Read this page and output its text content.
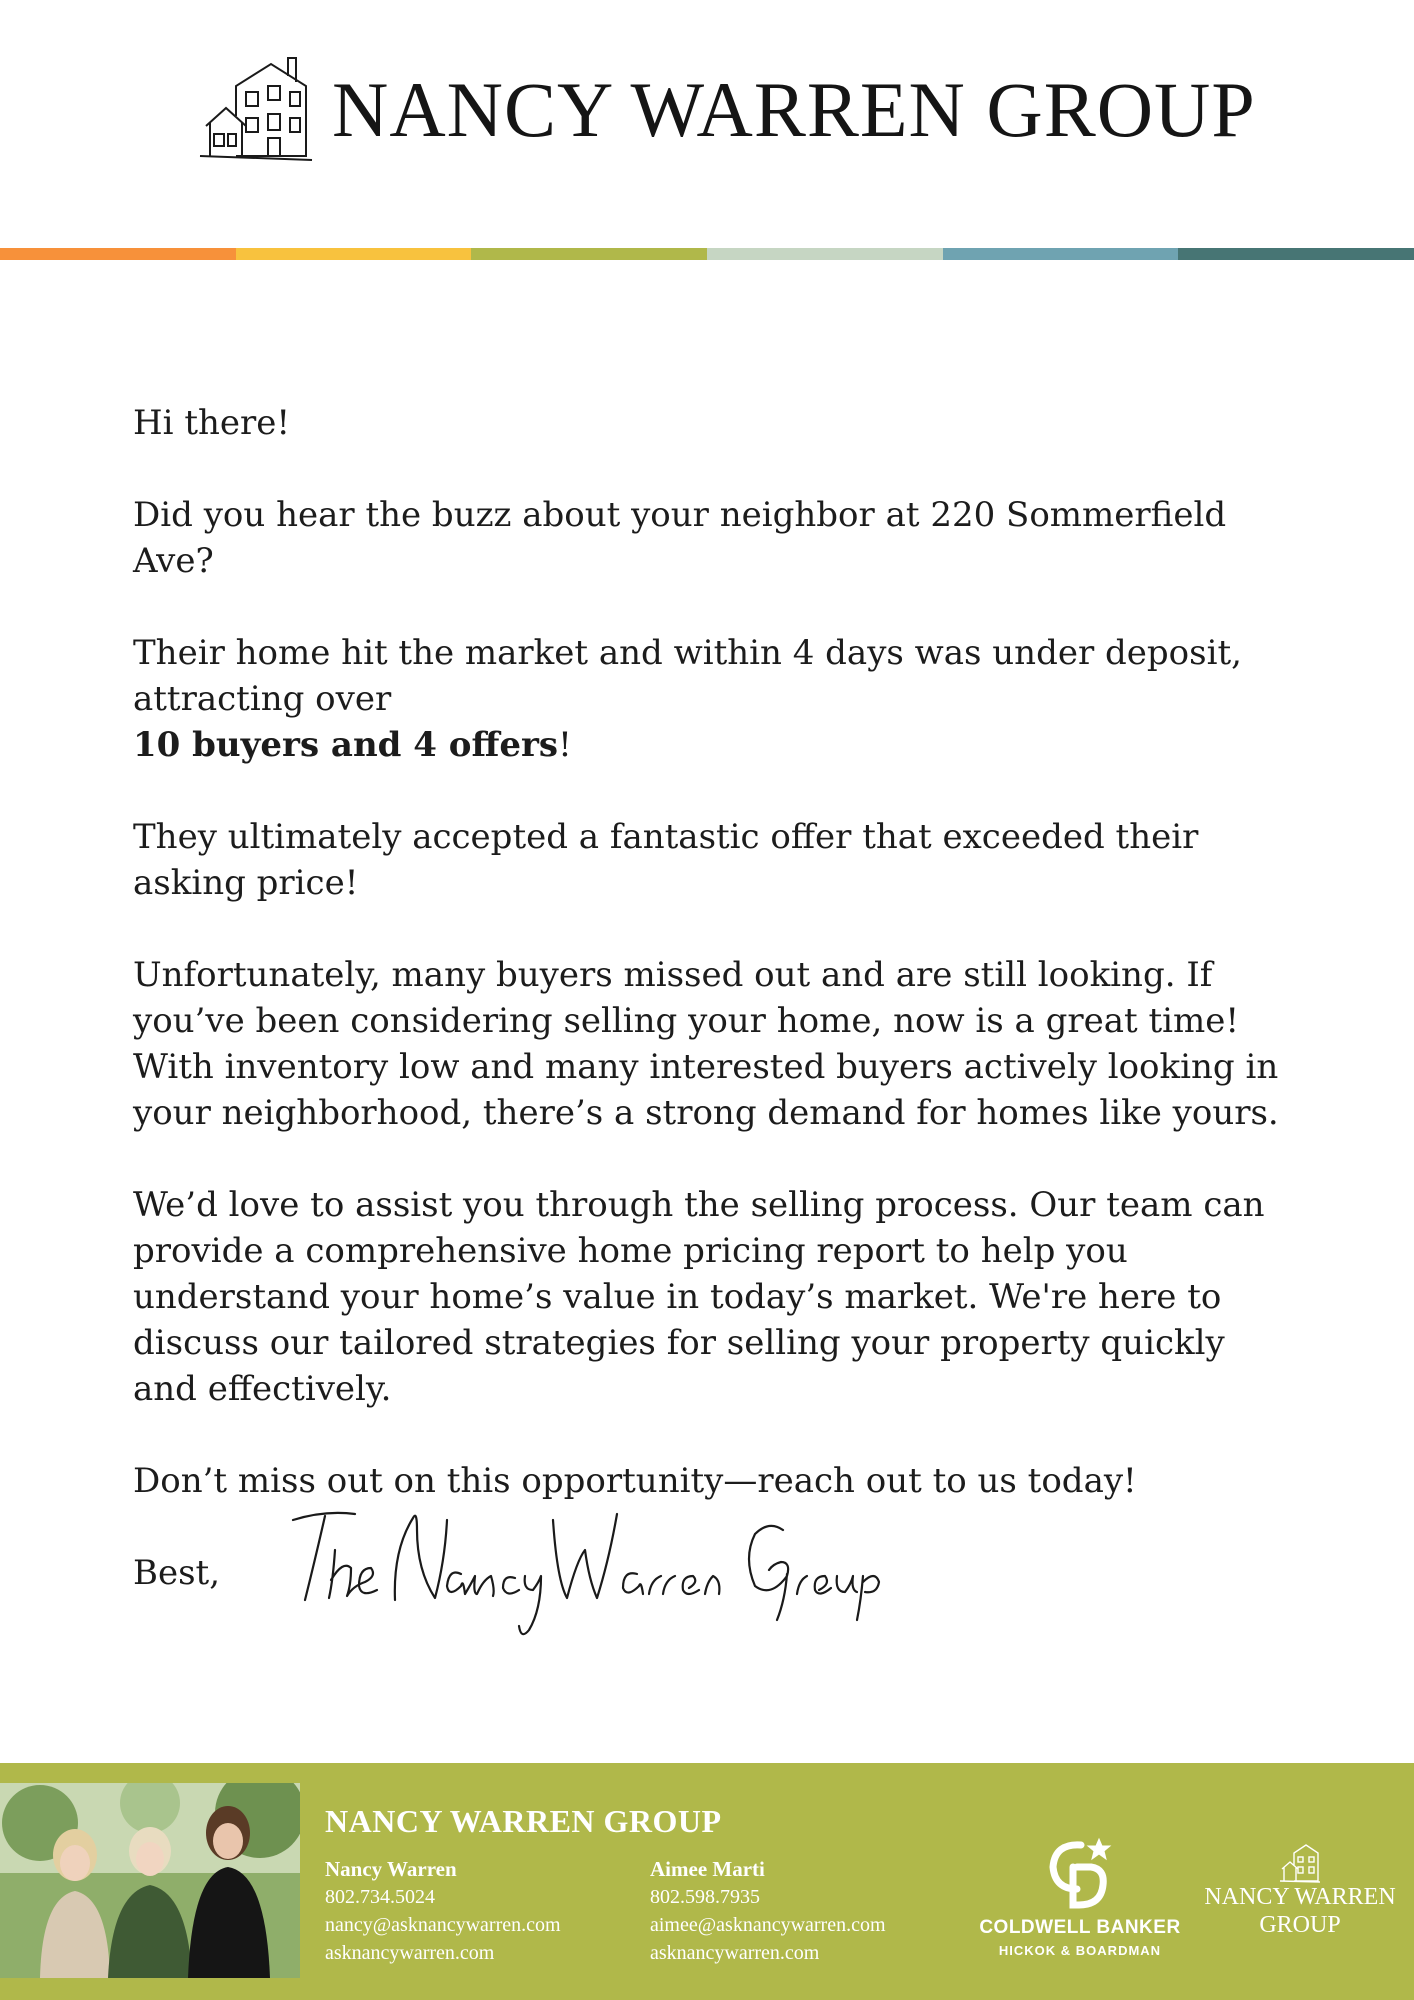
NANCY WARREN GROUP

Hi there!

Did you hear the buzz about your neighbor at 220 Sommerfield Ave?

Their home hit the market and within 4 days was under deposit, attracting over
10 buyers and 4 offers!

They ultimately accepted a fantastic offer that exceeded their asking price!

Unfortunately, many buyers missed out and are still looking. If you’ve been considering selling your home, now is a great time! With inventory low and many interested buyers actively looking in your neighborhood, there’s a strong demand for homes like yours.

We’d love to assist you through the selling process. Our team can provide a comprehensive home pricing report to help you understand your home’s value in today’s market. We're here to discuss our tailored strategies for selling your property quickly and effectively.

Don’t miss out on this opportunity—reach out to us today!

Best,

NANCY WARREN GROUP
Nancy Warren
802.734.5024
nancy@asknancywarren.com
asknancywarren.com
Aimee Marti
802.598.7935
aimee@asknancywarren.com
asknancywarren.com
COLDWELL BANKER
HICKOK & BOARDMAN
NANCY WARREN
GROUP
